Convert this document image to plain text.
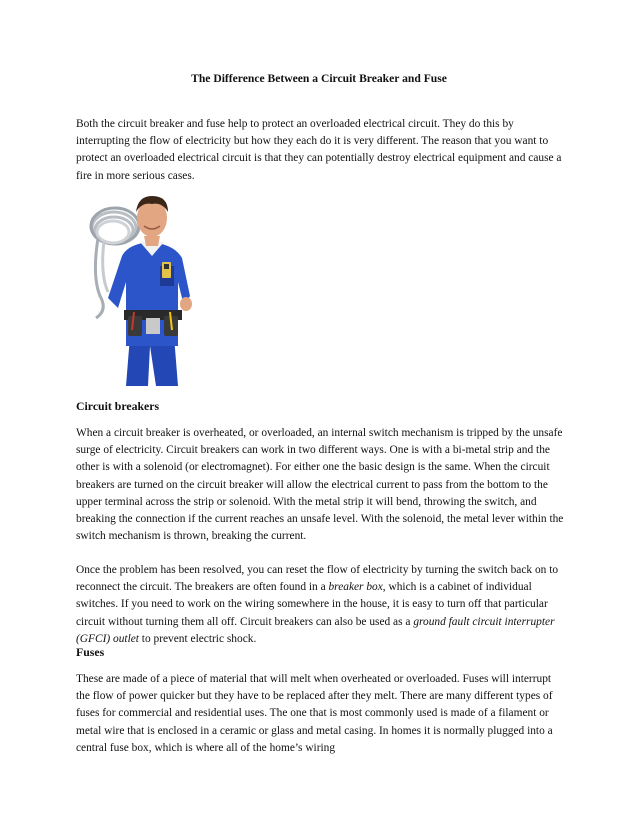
The Difference Between a Circuit Breaker and Fuse

Both the circuit breaker and fuse help to protect an overloaded electrical circuit. They do this by interrupting the flow of electricity but how they each do it is very different. The reason that you want to protect an overloaded electrical circuit is that they can potentially destroy electrical equipment and cause a fire in more serious cases.

Circuit breakers

When a circuit breaker is overheated, or overloaded, an internal switch mechanism is tripped by the unsafe surge of electricity. Circuit breakers can work in two different ways. One is with a bi-metal strip and the other is with a solenoid (or electromagnet). For either one the basic design is the same. When the circuit breakers are turned on the circuit breaker will allow the electrical current to pass from the bottom to the upper terminal across the strip or solenoid. With the metal strip it will bend, throwing the switch, and breaking the connection if the current reaches an unsafe level. With the solenoid, the metal lever within the switch mechanism is thrown, breaking the current.

Once the problem has been resolved, you can reset the flow of electricity by turning the switch back on to reconnect the circuit. The breakers are often found in a breaker box, which is a cabinet of individual switches. If you need to work on the wiring somewhere in the house, it is easy to turn off that particular circuit without turning them all off. Circuit breakers can also be used as a ground fault circuit interrupter (GFCI) outlet to prevent electric shock.

Fuses

These are made of a piece of material that will melt when overheated or overloaded. Fuses will interrupt the flow of power quicker but they have to be replaced after they melt. There are many different types of fuses for commercial and residential uses. The one that is most commonly used is made of a filament or metal wire that is enclosed in a ceramic or glass and metal casing. In homes it is normally plugged into a central fuse box, which is where all of the home’s wiring
